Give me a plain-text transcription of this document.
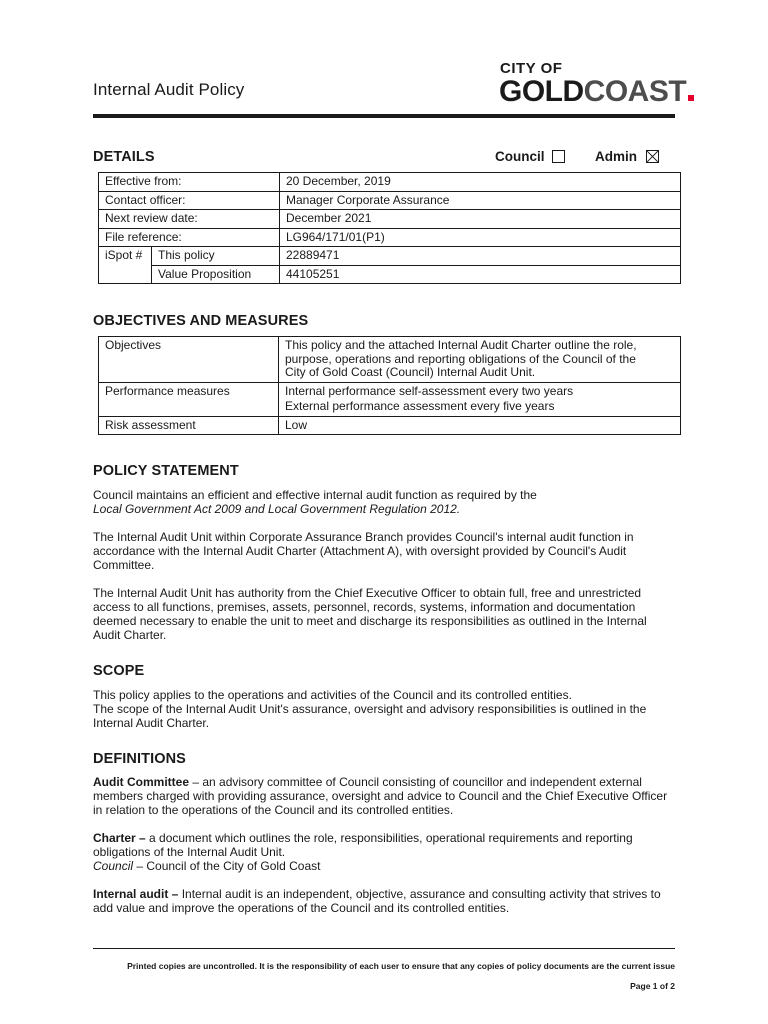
Internal Audit Policy
CITY OF
GOLDCOAST
DETAILS	Council	Admin
Effective from:		20 December, 2019
Contact officer:		Manager Corporate Assurance
Next review date:		December 2021
File reference:		LG964/171/01(P1)
iSpot #	This policy	22889471
	Value Proposition	44105251
OBJECTIVES AND MEASURES
Objectives	This policy and the attached Internal Audit Charter outline the role,
purpose, operations and reporting obligations of the Council of the
City of Gold Coast (Council) Internal Audit Unit.

Performance measures	Internal performance self-assessment every two years
External performance assessment every five years

Risk assessment	Low
POLICY STATEMENT

Council maintains an efficient and effective internal audit function as required by the

Local Government Act 2009 and Local Government Regulation 2012.

The Internal Audit Unit within Corporate Assurance Branch provides Council's internal audit function in accordance with the Internal Audit Charter (Attachment A), with oversight provided by Council's Audit Committee.
The Internal Audit Unit has authority from the Chief Executive Officer to obtain full, free and unrestricted access to all functions, premises, assets, personnel, records, systems, information and documentation deemed necessary to enable the unit to meet and discharge its responsibilities as outlined in the Internal Audit Charter.
SCOPE

This policy applies to the operations and activities of the Council and its controlled entities.

The scope of the Internal Audit Unit's assurance, oversight and advisory responsibilities is outlined in the Internal Audit Charter.

DEFINITIONS
Audit Committee – an advisory committee of Council consisting of councillor and independent external members charged with providing assurance, oversight and advice to Council and the Chief Executive Officer in relation to the operations of the Council and its controlled entities.

Charter – a document which outlines the role, responsibilities, operational requirements and reporting obligations of the Internal Audit Unit.

Council – Council of the City of Gold Coast

Internal audit – Internal audit is an independent, objective, assurance and consulting activity that strives to add value and improve the operations of the Council and its controlled entities.
Printed copies are uncontrolled. It is the responsibility of each user to ensure that any copies of policy documents are the current issue
Page 1 of 2
